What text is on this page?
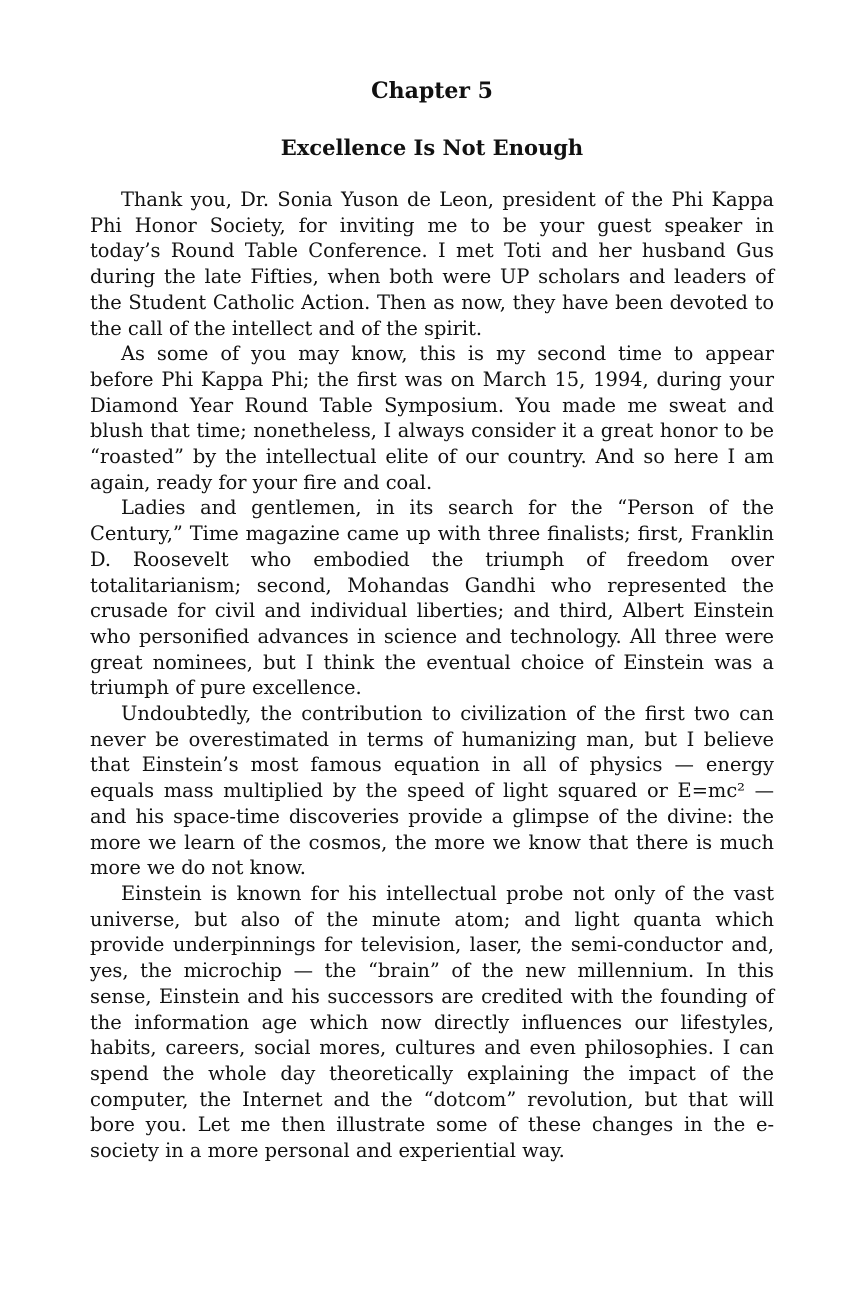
Chapter 5
Excellence Is Not Enough

Thank you, Dr. Sonia Yuson de Leon, president of the Phi Kappa Phi Honor Society, for inviting me to be your guest speaker in today’s Round Table Conference. I met Toti and her husband Gus during the late Fifties, when both were UP scholars and leaders of the Student Catholic Action. Then as now, they have been devoted to the call of the intellect and of the spirit.

As some of you may know, this is my second time to appear before Phi Kappa Phi; the first was on March 15, 1994, during your Diamond Year Round Table Symposium. You made me sweat and blush that time; nonetheless, I always consider it a great honor to be “roasted” by the intellectual elite of our country. And so here I am again, ready for your fire and coal.

Ladies and gentlemen, in its search for the “Person of the Century,” Time magazine came up with three finalists; first, Franklin D. Roosevelt who embodied the triumph of freedom over totalitarianism; second, Mohandas Gandhi who represented the crusade for civil and individual liberties; and third, Albert Einstein who personified advances in science and technology. All three were great nominees, but I think the eventual choice of Einstein was a triumph of pure excellence.

Undoubtedly, the contribution to civilization of the first two can never be overestimated in terms of humanizing man, but I believe that Einstein’s most famous equation in all of physics — energy equals mass multiplied by the speed of light squared or E=mc² — and his space-time discoveries provide a glimpse of the divine: the more we learn of the cosmos, the more we know that there is much more we do not know.

Einstein is known for his intellectual probe not only of the vast universe, but also of the minute atom; and light quanta which provide underpinnings for television, laser, the semi-conductor and, yes, the microchip — the “brain” of the new millennium. In this sense, Einstein and his successors are credited with the founding of the information age which now directly influences our lifestyles, habits, careers, social mores, cultures and even philosophies. I can spend the whole day theoretically explaining the impact of the computer, the Internet and the “dotcom” revolution, but that will bore you. Let me then illustrate some of these changes in the e-society in a more personal and experiential way.
